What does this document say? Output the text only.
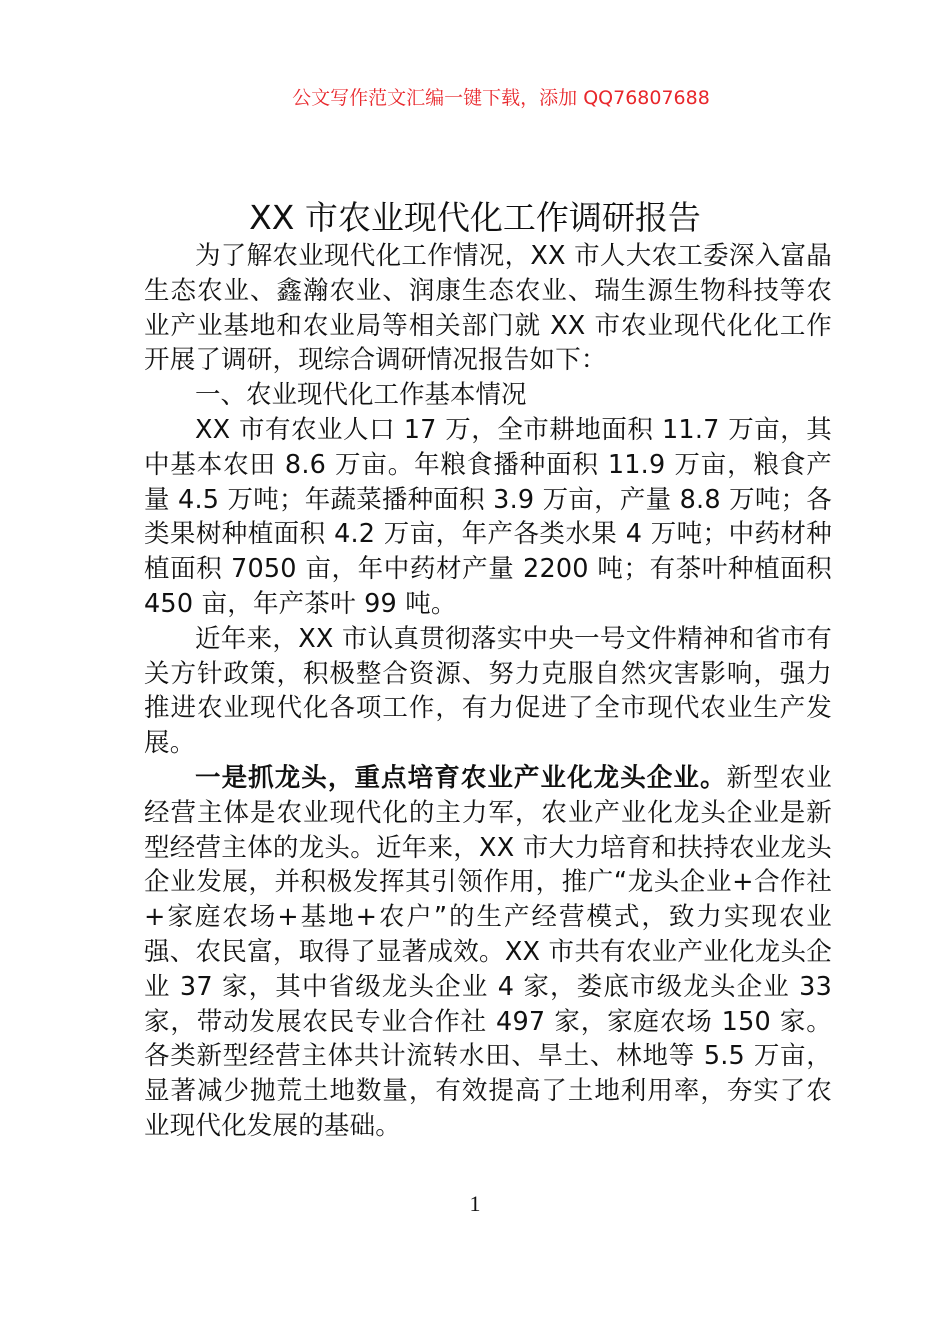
公文写作范文汇编一键下载，添加 QQ76807688
XX 市农业现代化工作调研报告

为了解农业现代化工作情况，XX 市人大农工委深入富晶生态农业、鑫瀚农业、润康生态农业、瑞生源生物科技等农业产业基地和农业局等相关部门就 XX 市农业现代化化工作开展了调研，现综合调研情况报告如下：

一、农业现代化工作基本情况

XX 市有农业人口 17 万，全市耕地面积 11.7 万亩，其中基本农田 8.6 万亩。年粮食播种面积 11.9 万亩，粮食产量 4.5 万吨；年蔬菜播种面积 3.9 万亩，产量 8.8 万吨；各类果树种植面积 4.2 万亩，年产各类水果 4 万吨；中药材种植面积 7050 亩，年中药材产量 2200 吨；有茶叶种植面积 450 亩，年产茶叶 99 吨。

近年来，XX 市认真贯彻落实中央一号文件精神和省市有关方针政策，积极整合资源、努力克服自然灾害影响，强力推进农业现代化各项工作，有力促进了全市现代农业生产发展。

一是抓龙头，重点培育农业产业化龙头企业。新型农业经营主体是农业现代化的主力军，农业产业化龙头企业是新型经营主体的龙头。近年来，XX 市大力培育和扶持农业龙头企业发展，并积极发挥其引领作用，推广“龙头企业+合作社+家庭农场+基地+农户”的生产经营模式，致力实现农业强、农民富，取得了显著成效。XX 市共有农业产业化龙头企业 37 家，其中省级龙头企业 4 家，娄底市级龙头企业 33 家，带动发展农民专业合作社 497 家，家庭农场 150 家。各类新型经营主体共计流转水田、旱土、林地等 5.5 万亩，显著减少抛荒土地数量，有效提高了土地利用率，夯实了农业现代化发展的基础。

1
